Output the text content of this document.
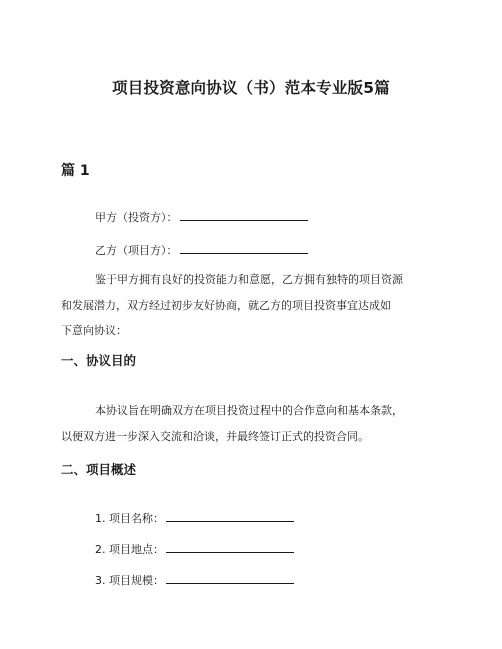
项目投资意向协议（书）范本专业版5篇
篇 1
甲方（投资方）：
乙方（项目方）：

鉴于甲方拥有良好的投资能力和意愿，乙方拥有独特的项目资源

和发展潜力，双方经过初步友好协商，就乙方的项目投资事宜达成如

下意向协议：

一、协议目的

本协议旨在明确双方在项目投资过程中的合作意向和基本条款，

以便双方进一步深入交流和洽谈，并最终签订正式的投资合同。

二、项目概述
1. 项目名称：
2. 项目地点：
3. 项目规模：
